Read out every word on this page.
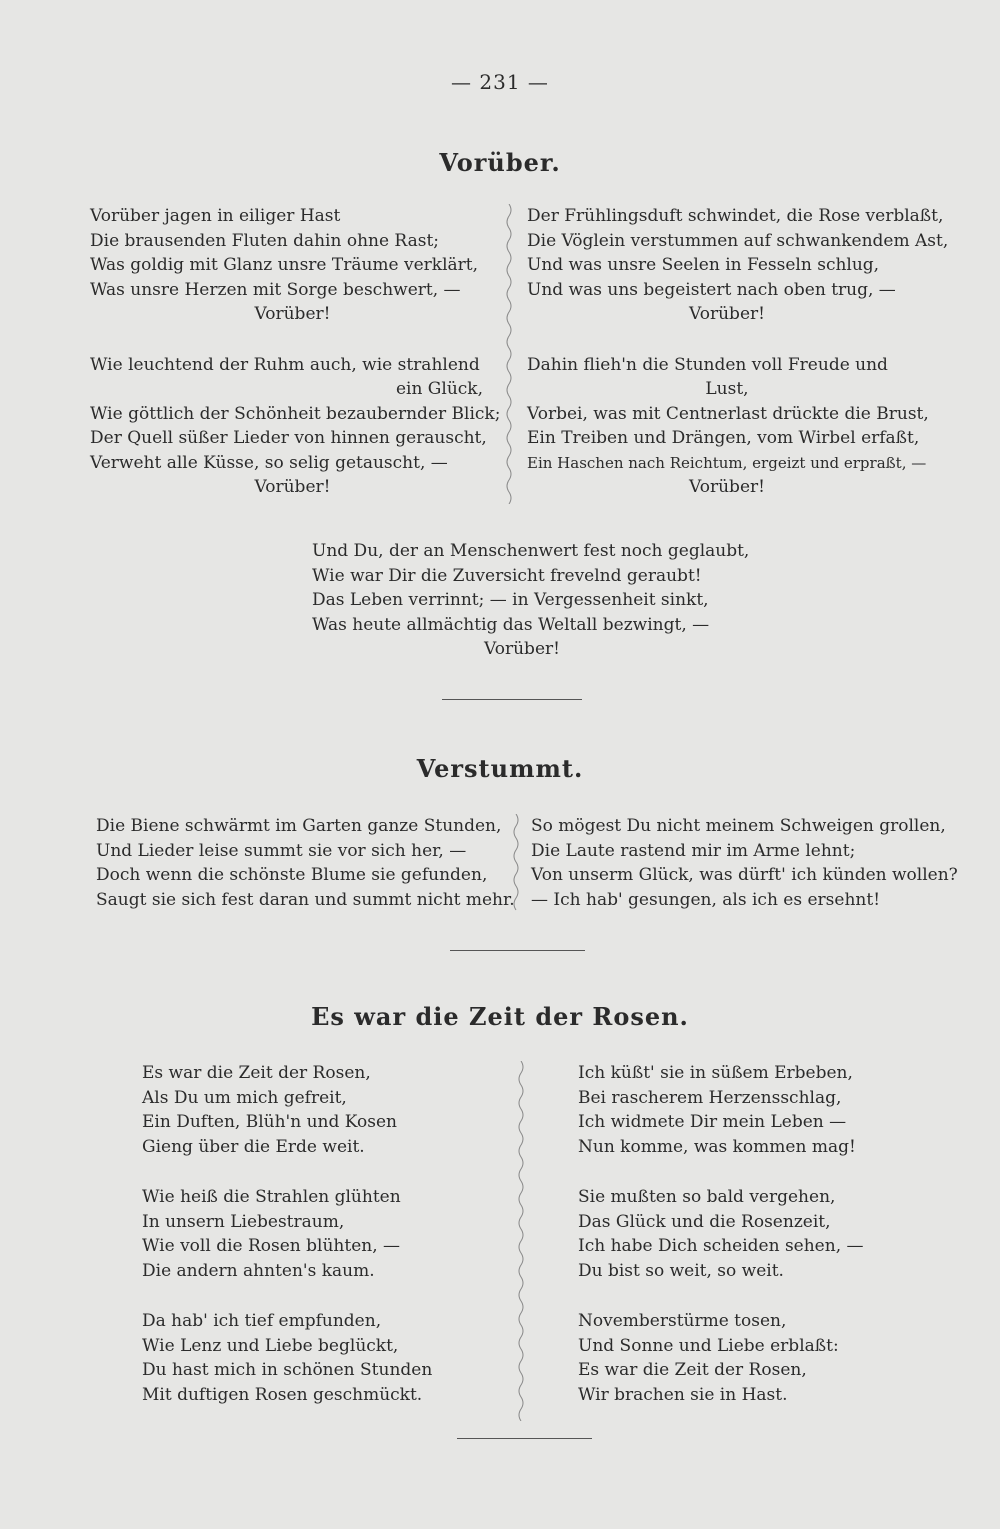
— 231 —
Vorüber.
Vorüber jagen in eiliger Hast
Die brausenden Fluten dahin ohne Rast;
Was goldig mit Glanz unsre Träume verklärt,
Was unsre Herzen mit Sorge beschwert, —
Vorüber!
Wie leuchtend der Ruhm auch, wie strahlend
ein Glück,
Wie göttlich der Schönheit bezaubernder Blick;
Der Quell süßer Lieder von hinnen gerauscht,
Verweht alle Küsse, so selig getauscht, —
Vorüber!
Der Frühlingsduft schwindet, die Rose verblaßt,
Die Vöglein verstummen auf schwankendem Ast,
Und was unsre Seelen in Fesseln schlug,
Und was uns begeistert nach oben trug, —
Vorüber!
Dahin flieh'n die Stunden voll Freude und
Lust,
Vorbei, was mit Centnerlast drückte die Brust,
Ein Treiben und Drängen, vom Wirbel erfaßt,
Ein Haschen nach Reichtum, ergeizt und erpraßt, —
Vorüber!
Und Du, der an Menschenwert fest noch geglaubt,
Wie war Dir die Zuversicht frevelnd geraubt!
Das Leben verrinnt; — in Vergessenheit sinkt,
Was heute allmächtig das Weltall bezwingt, —
Vorüber!
Verstummt.
Die Biene schwärmt im Garten ganze Stunden,
Und Lieder leise summt sie vor sich her, —
Doch wenn die schönste Blume sie gefunden,
Saugt sie sich fest daran und summt nicht mehr.
So mögest Du nicht meinem Schweigen grollen,
Die Laute rastend mir im Arme lehnt;
Von unserm Glück, was dürft' ich künden wollen?
— Ich hab' gesungen, als ich es ersehnt!
Es war die Zeit der Rosen.
Es war die Zeit der Rosen,
Als Du um mich gefreit,
Ein Duften, Blüh'n und Kosen
Gieng über die Erde weit.
Wie heiß die Strahlen glühten
In unsern Liebestraum,
Wie voll die Rosen blühten, —
Die andern ahnten's kaum.
Da hab' ich tief empfunden,
Wie Lenz und Liebe beglückt,
Du hast mich in schönen Stunden
Mit duftigen Rosen geschmückt.
Ich küßt' sie in süßem Erbeben,
Bei rascherem Herzensschlag,
Ich widmete Dir mein Leben —
Nun komme, was kommen mag!
Sie mußten so bald vergehen,
Das Glück und die Rosenzeit,
Ich habe Dich scheiden sehen, —
Du bist so weit, so weit.
Novemberstürme tosen,
Und Sonne und Liebe erblaßt:
Es war die Zeit der Rosen,
Wir brachen sie in Hast.
